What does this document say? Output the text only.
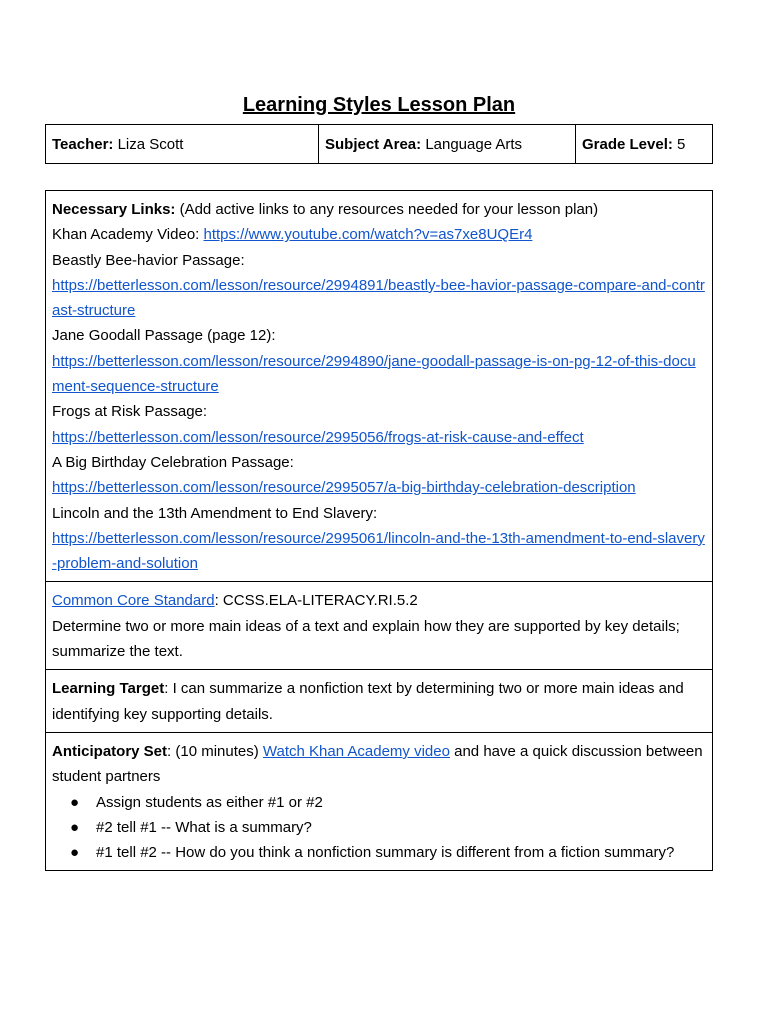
Learning Styles Lesson Plan
Teacher: Liza Scott	Subject Area: Language Arts	Grade Level: 5
Necessary Links: (Add active links to any resources needed for your lesson plan)
Khan Academy Video: https://www.youtube.com/watch?v=as7xe8UQEr4
Beastly Bee-havior Passage:
https://betterlesson.com/lesson/resource/2994891/beastly-bee-havior-passage-compare-and-contrast-structure
Jane Goodall Passage (page 12):
https://betterlesson.com/lesson/resource/2994890/jane-goodall-passage-is-on-pg-12-of-this-document-sequence-structure
Frogs at Risk Passage:
https://betterlesson.com/lesson/resource/2995056/frogs-at-risk-cause-and-effect
A Big Birthday Celebration Passage:
https://betterlesson.com/lesson/resource/2995057/a-big-birthday-celebration-description
Lincoln and the 13th Amendment to End Slavery:
https://betterlesson.com/lesson/resource/2995061/lincoln-and-the-13th-amendment-to-end-slavery-problem-and-solution

Common Core Standard: CCSS.ELA-LITERACY.RI.5.2
Determine two or more main ideas of a text and explain how they are supported by key details; summarize the text.

Learning Target: I can summarize a nonfiction text by determining two or more main ideas and identifying key supporting details.

Anticipatory Set: (10 minutes) Watch Khan Academy video and have a quick discussion between student partners
● Assign students as either #1 or #2
● #2 tell #1 -- What is a summary?
● #1 tell #2 -- How do you think a nonfiction summary is different from a fiction summary?
